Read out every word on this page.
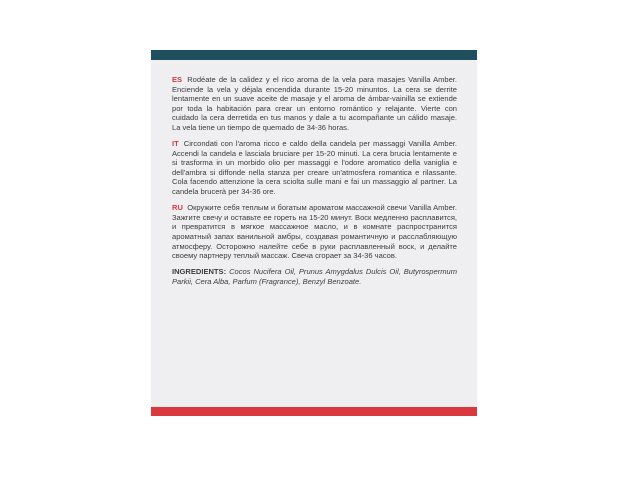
ES Rodéate de la calidez y el rico aroma de la vela para masajes Vanilla Amber. Enciende la vela y déjala encendida durante 15-20 minuntos. La cera se derrite lentamente en un suave aceite de masaje y el aroma de ámbar-vainilla se extiende por toda la habitación para crear un entorno romántico y relajante. Vierte con cuidado la cera derretida en tus manos y dale a tu acompañante un cálido masaje. La vela tiene un tiempo de quemado de 34-36 horas.

IT Circondati con l'aroma ricco e caldo della candela per massaggi Vanilla Amber. Accendi la candela e lasciala bruciare per 15-20 minuti. La cera brucia lentamente e si trasforma in un morbido olio per massaggi e l'odore aromatico della vaniglia e dell'ambra si diffonde nella stanza per creare un'atmosfera romantica e rilassante. Cola facendo attenzione la cera sciolta sulle mani e fai un massaggio al partner. La candela brucerà per 34-36 ore.

RU Окружите себя теплым и богатым ароматом массажной свечи Vanilla Amber. Зажгите свечу и оставьте ее гореть на 15-20 минут. Воск медленно расплавится, и превратится в мягкое массажное масло, и в комнате распространится ароматный запах ванильной амбры, создавая романтичную и расслабляющую атмосферу. Осторожно налейте себе в руки расплавленный воск, и делайте своему партнеру теплый массаж. Свеча сгорает за 34-36 часов.

INGREDIENTS: Cocos Nucifera Oil, Prunus Amygdalus Dulcis Oil, Butyrospermum Parkii, Cera Alba, Parfum (Fragrance), Benzyl Benzoate.
